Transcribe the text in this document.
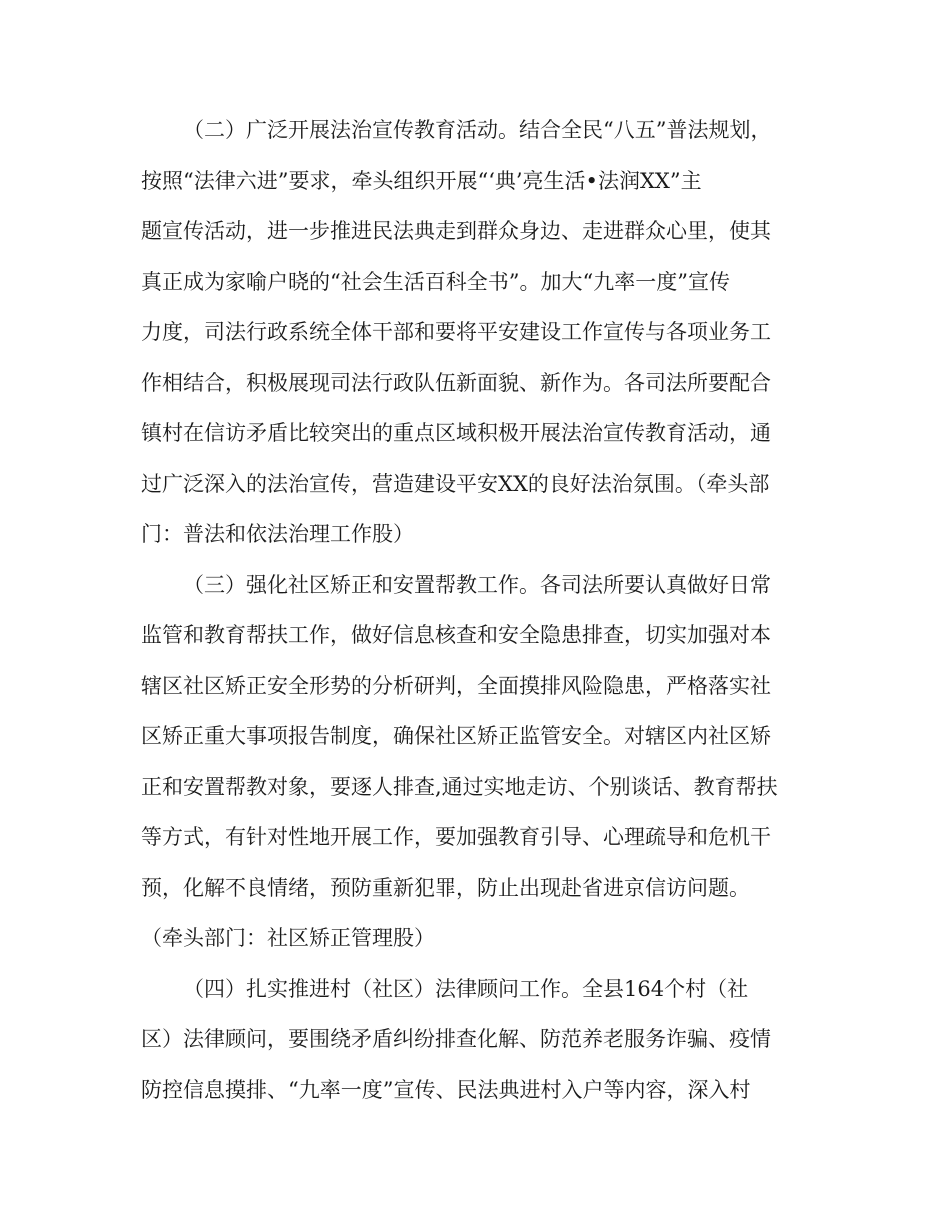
（二）广泛开展法治宣传教育活动。结合全民“八五”普法规划，
按照“法律六进”要求，牵头组织开展“‘典’亮生活•法润XX”主
题宣传活动，进一步推进民法典走到群众身边、走进群众心里，使其
真正成为家喻户晓的“社会生活百科全书”。加大“九率一度”宣传
力度，司法行政系统全体干部和要将平安建设工作宣传与各项业务工
作相结合，积极展现司法行政队伍新面貌、新作为。各司法所要配合
镇村在信访矛盾比较突出的重点区域积极开展法治宣传教育活动，通
过广泛深入的法治宣传，营造建设平安XX的良好法治氛围。（牵头部
门：普法和依法治理工作股）
（三）强化社区矫正和安置帮教工作。各司法所要认真做好日常
监管和教育帮扶工作，做好信息核查和安全隐患排查，切实加强对本
辖区社区矫正安全形势的分析研判，全面摸排风险隐患，严格落实社
区矫正重大事项报告制度，确保社区矫正监管安全。对辖区内社区矫
正和安置帮教对象，要逐人排查,通过实地走访、个别谈话、教育帮扶
等方式，有针对性地开展工作，要加强教育引导、心理疏导和危机干
预，化解不良情绪，预防重新犯罪，防止出现赴省进京信访问题。
（牵头部门：社区矫正管理股）
（四）扎实推进村（社区）法律顾问工作。全县164个村（社
区）法律顾问，要围绕矛盾纠纷排查化解、防范养老服务诈骗、疫情
防控信息摸排、“九率一度”宣传、民法典进村入户等内容，深入村
